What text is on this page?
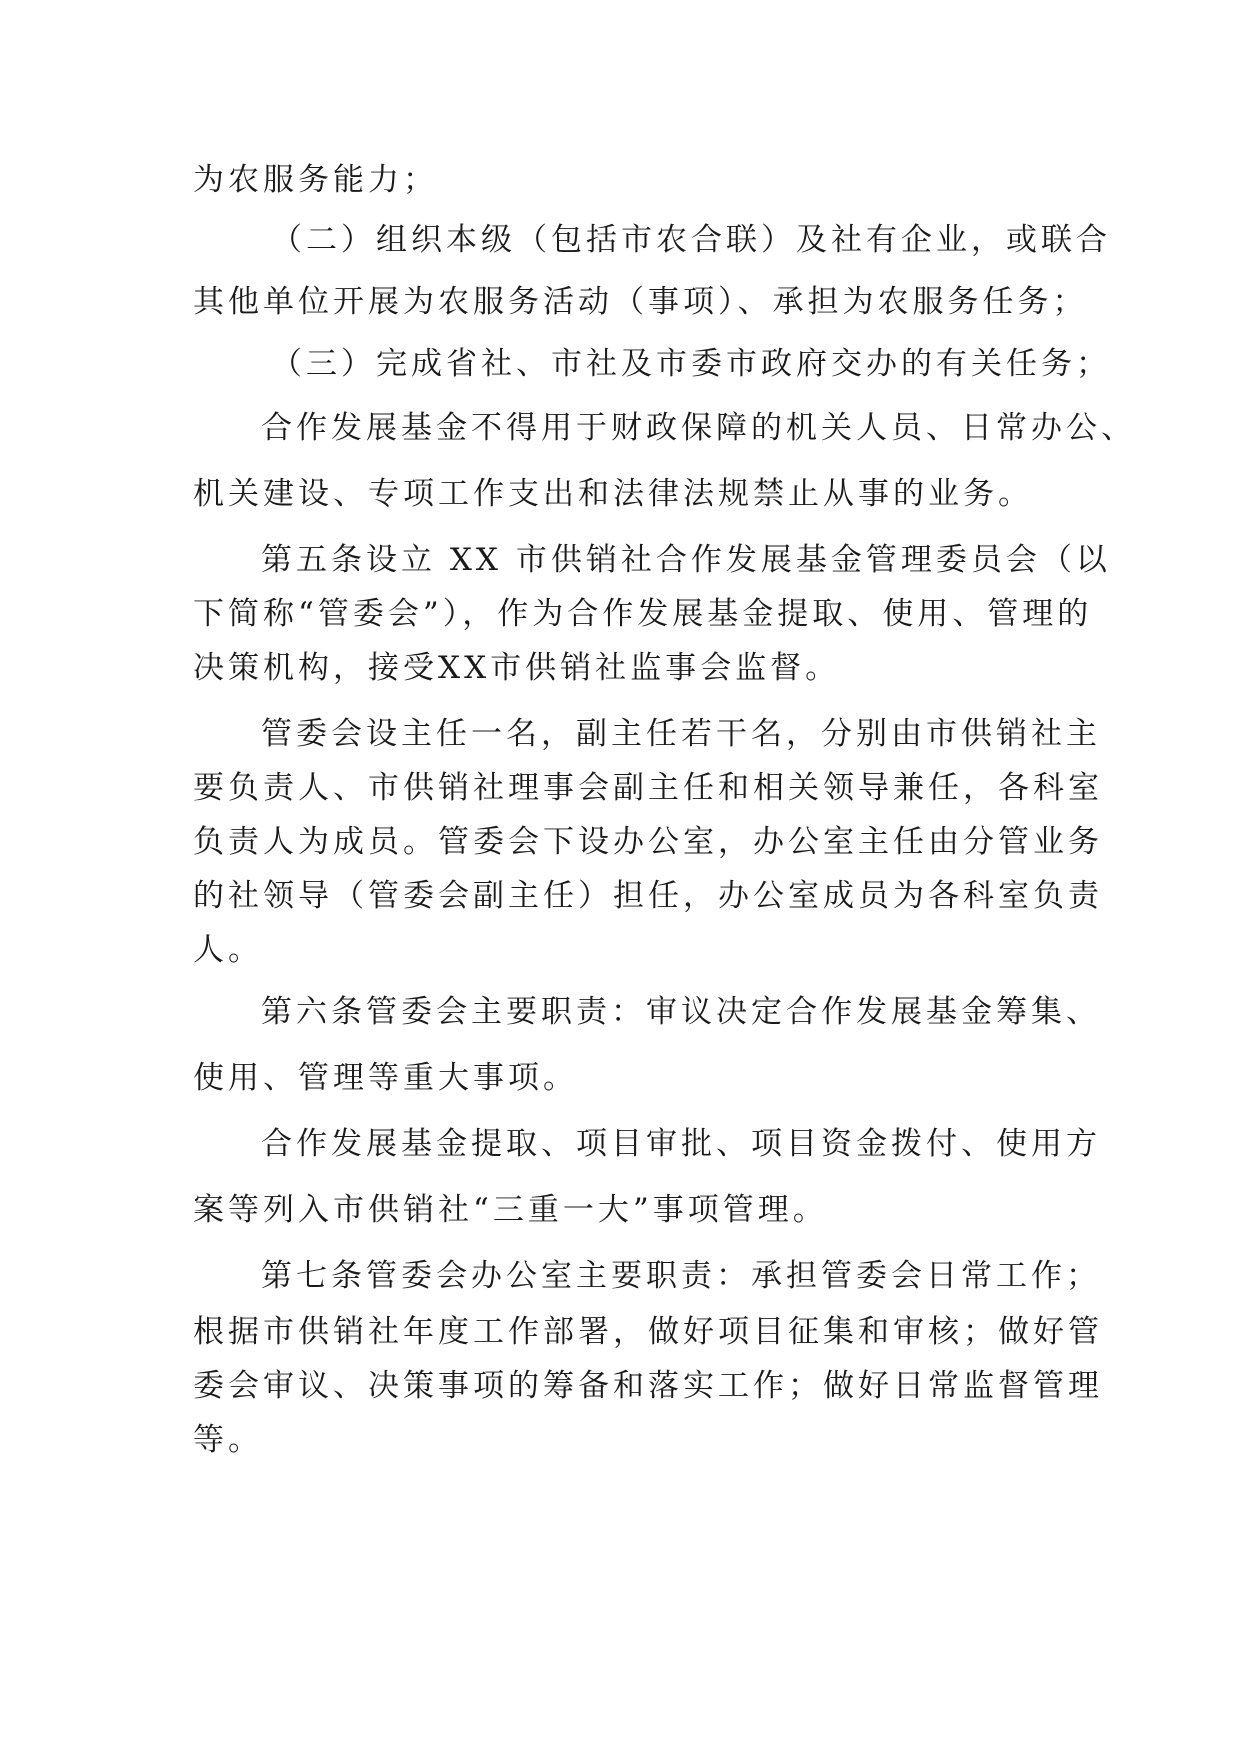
为农服务能力；

（二）组织本级（包括市农合联）及社有企业，或联合

其他单位开展为农服务活动（事项）、承担为农服务任务；

（三）完成省社、市社及市委市政府交办的有关任务；

合作发展基金不得用于财政保障的机关人员、日常办公、

机关建设、专项工作支出和法律法规禁止从事的业务。

第五条设立 XX 市供销社合作发展基金管理委员会（以

下简称“管委会”），作为合作发展基金提取、使用、管理的

决策机构，接受XX市供销社监事会监督。

管委会设主任一名，副主任若干名，分别由市供销社主

要负责人、市供销社理事会副主任和相关领导兼任，各科室

负责人为成员。管委会下设办公室，办公室主任由分管业务

的社领导（管委会副主任）担任，办公室成员为各科室负责

人。

第六条管委会主要职责：审议决定合作发展基金筹集、

使用、管理等重大事项。

合作发展基金提取、项目审批、项目资金拨付、使用方

案等列入市供销社“三重一大”事项管理。

第七条管委会办公室主要职责：承担管委会日常工作；

根据市供销社年度工作部署，做好项目征集和审核；做好管

委会审议、决策事项的筹备和落实工作；做好日常监督管理

等。
